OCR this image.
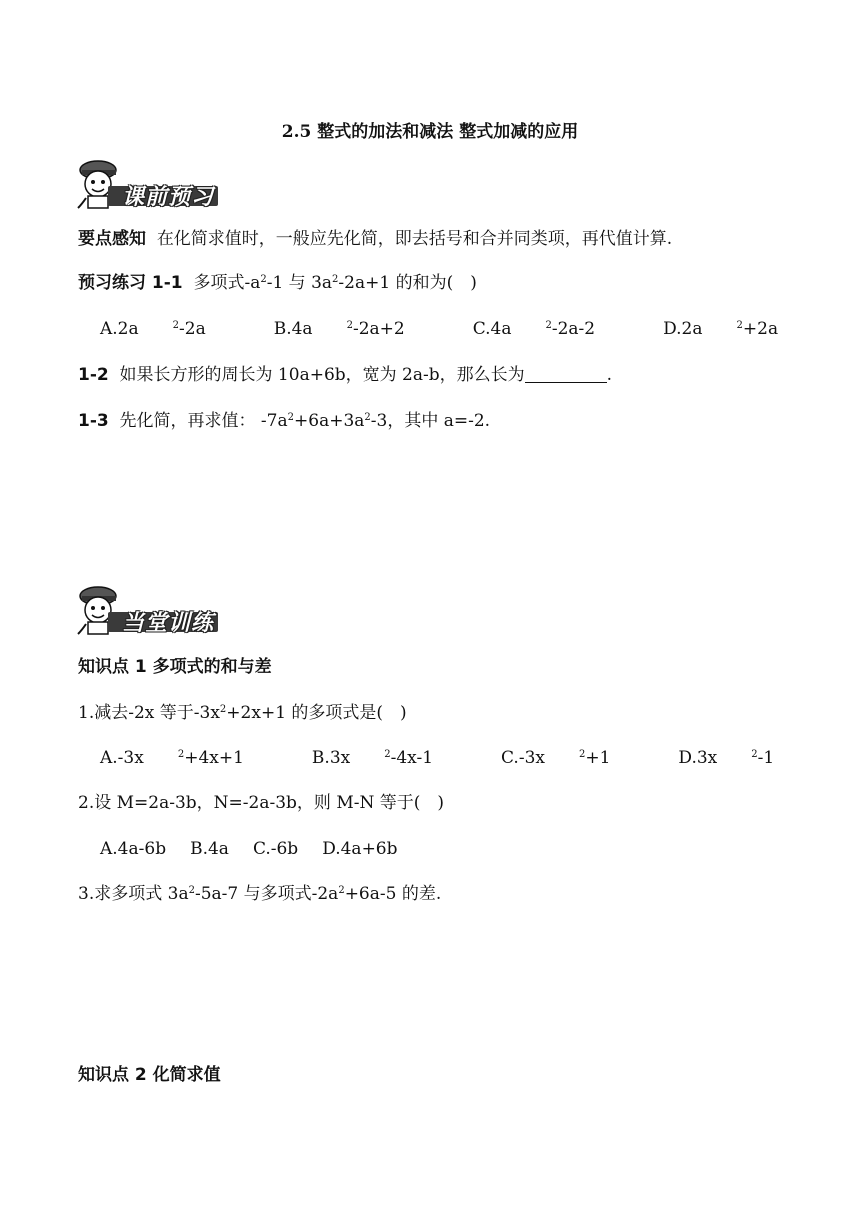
2.5 整式的加法和减法 整式加减的应用
课前预习
要点感知 在化简求值时，一般应先化简，即去括号和合并同类项，再代值计算.
预习练习 1-1 多项式$-a^2-1$ 与 $3a^2-2a+1$ 的和为(　)
A.2a	$^2$-2a	B.4a	$^2$-2a+2	C.4a	$^2$-2a-2	D.2a	$^2$+2a
1-2 如果长方形的周长为 10a+6b，宽为 2a-b，那么长为	.
1-3 先化简，再求值： $-7a^2+6a+3a^2-3$，其中 a=-2.
当堂训练
知识点 1 多项式的和与差
1.减去-2x 等于$-3x^2+2x+1$ 的多项式是(　)
A.-3x	$^2$+4x+1	B.3x	$^2$-4x-1	C.-3x	$^2$+1	D.3x	$^2$-1
2.设 M=2a-3b，N=-2a-3b，则 M-N 等于(　)
A.4a-6b B.4a C.-6b D.4a+6b
3.求多项式 $3a^2-5a-7$ 与多项式$-2a^2+6a-5$ 的差.
知识点 2 化简求值
